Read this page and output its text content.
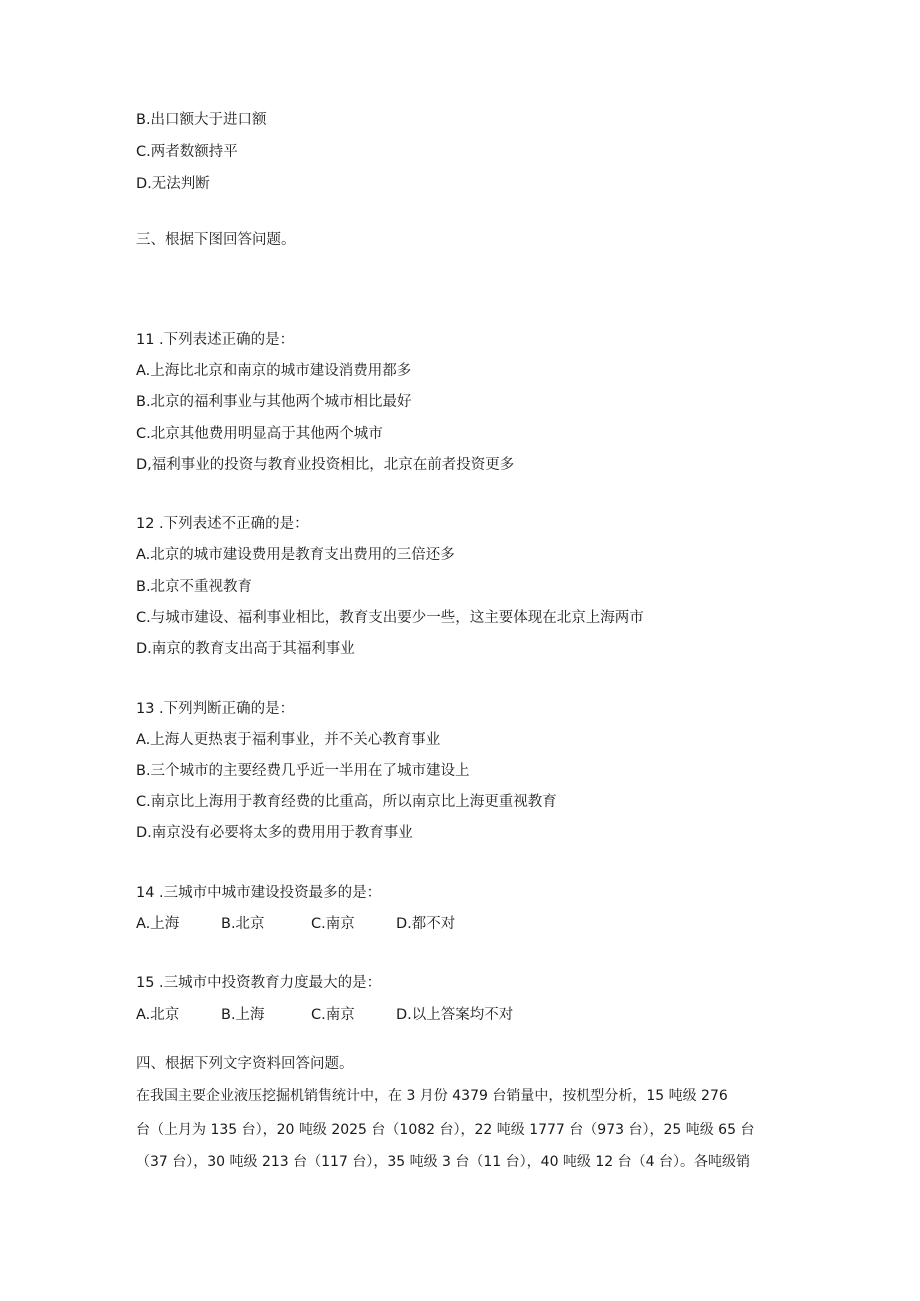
B.出口额大于进口额

C.两者数额持平

D.无法判断

三、根据下图回答问题。

11 .下列表述正确的是：

A.上海比北京和南京的城市建设消费用都多

B.北京的福利事业与其他两个城市相比最好

C.北京其他费用明显高于其他两个城市

D,福利事业的投资与教育业投资相比，北京在前者投资更多

12 .下列表述不正确的是：

A.北京的城市建设费用是教育支出费用的三倍还多

B.北京不重视教育

C.与城市建设、福利事业相比，教育支出要少一些，这主要体现在北京上海两市

D.南京的教育支出高于其福利事业

13 .下列判断正确的是：

A.上海人更热衷于福利事业，并不关心教育事业

B.三个城市的主要经费几乎近一半用在了城市建设上

C.南京比上海用于教育经费的比重高，所以南京比上海更重视教育

D.南京没有必要将太多的费用用于教育事业

14 .三城市中城市建设投资最多的是：

A.上海	B.北京	C.南京	D.都不对

15 .三城市中投资教育力度最大的是：

A.北京	B.上海	C.南京	D.以上答案均不对

四、根据下列文字资料回答问题。

在我国主要企业液压挖掘机销售统计中，在 3 月份 4379 台销量中，按机型分析，15 吨级 276

台（上月为 135 台），20 吨级 2025 台（1082 台），22 吨级 1777 台（973 台），25 吨级 65 台

（37 台），30 吨级 213 台（117 台），35 吨级 3 台（11 台），40 吨级 12 台（4 台）。各吨级销
